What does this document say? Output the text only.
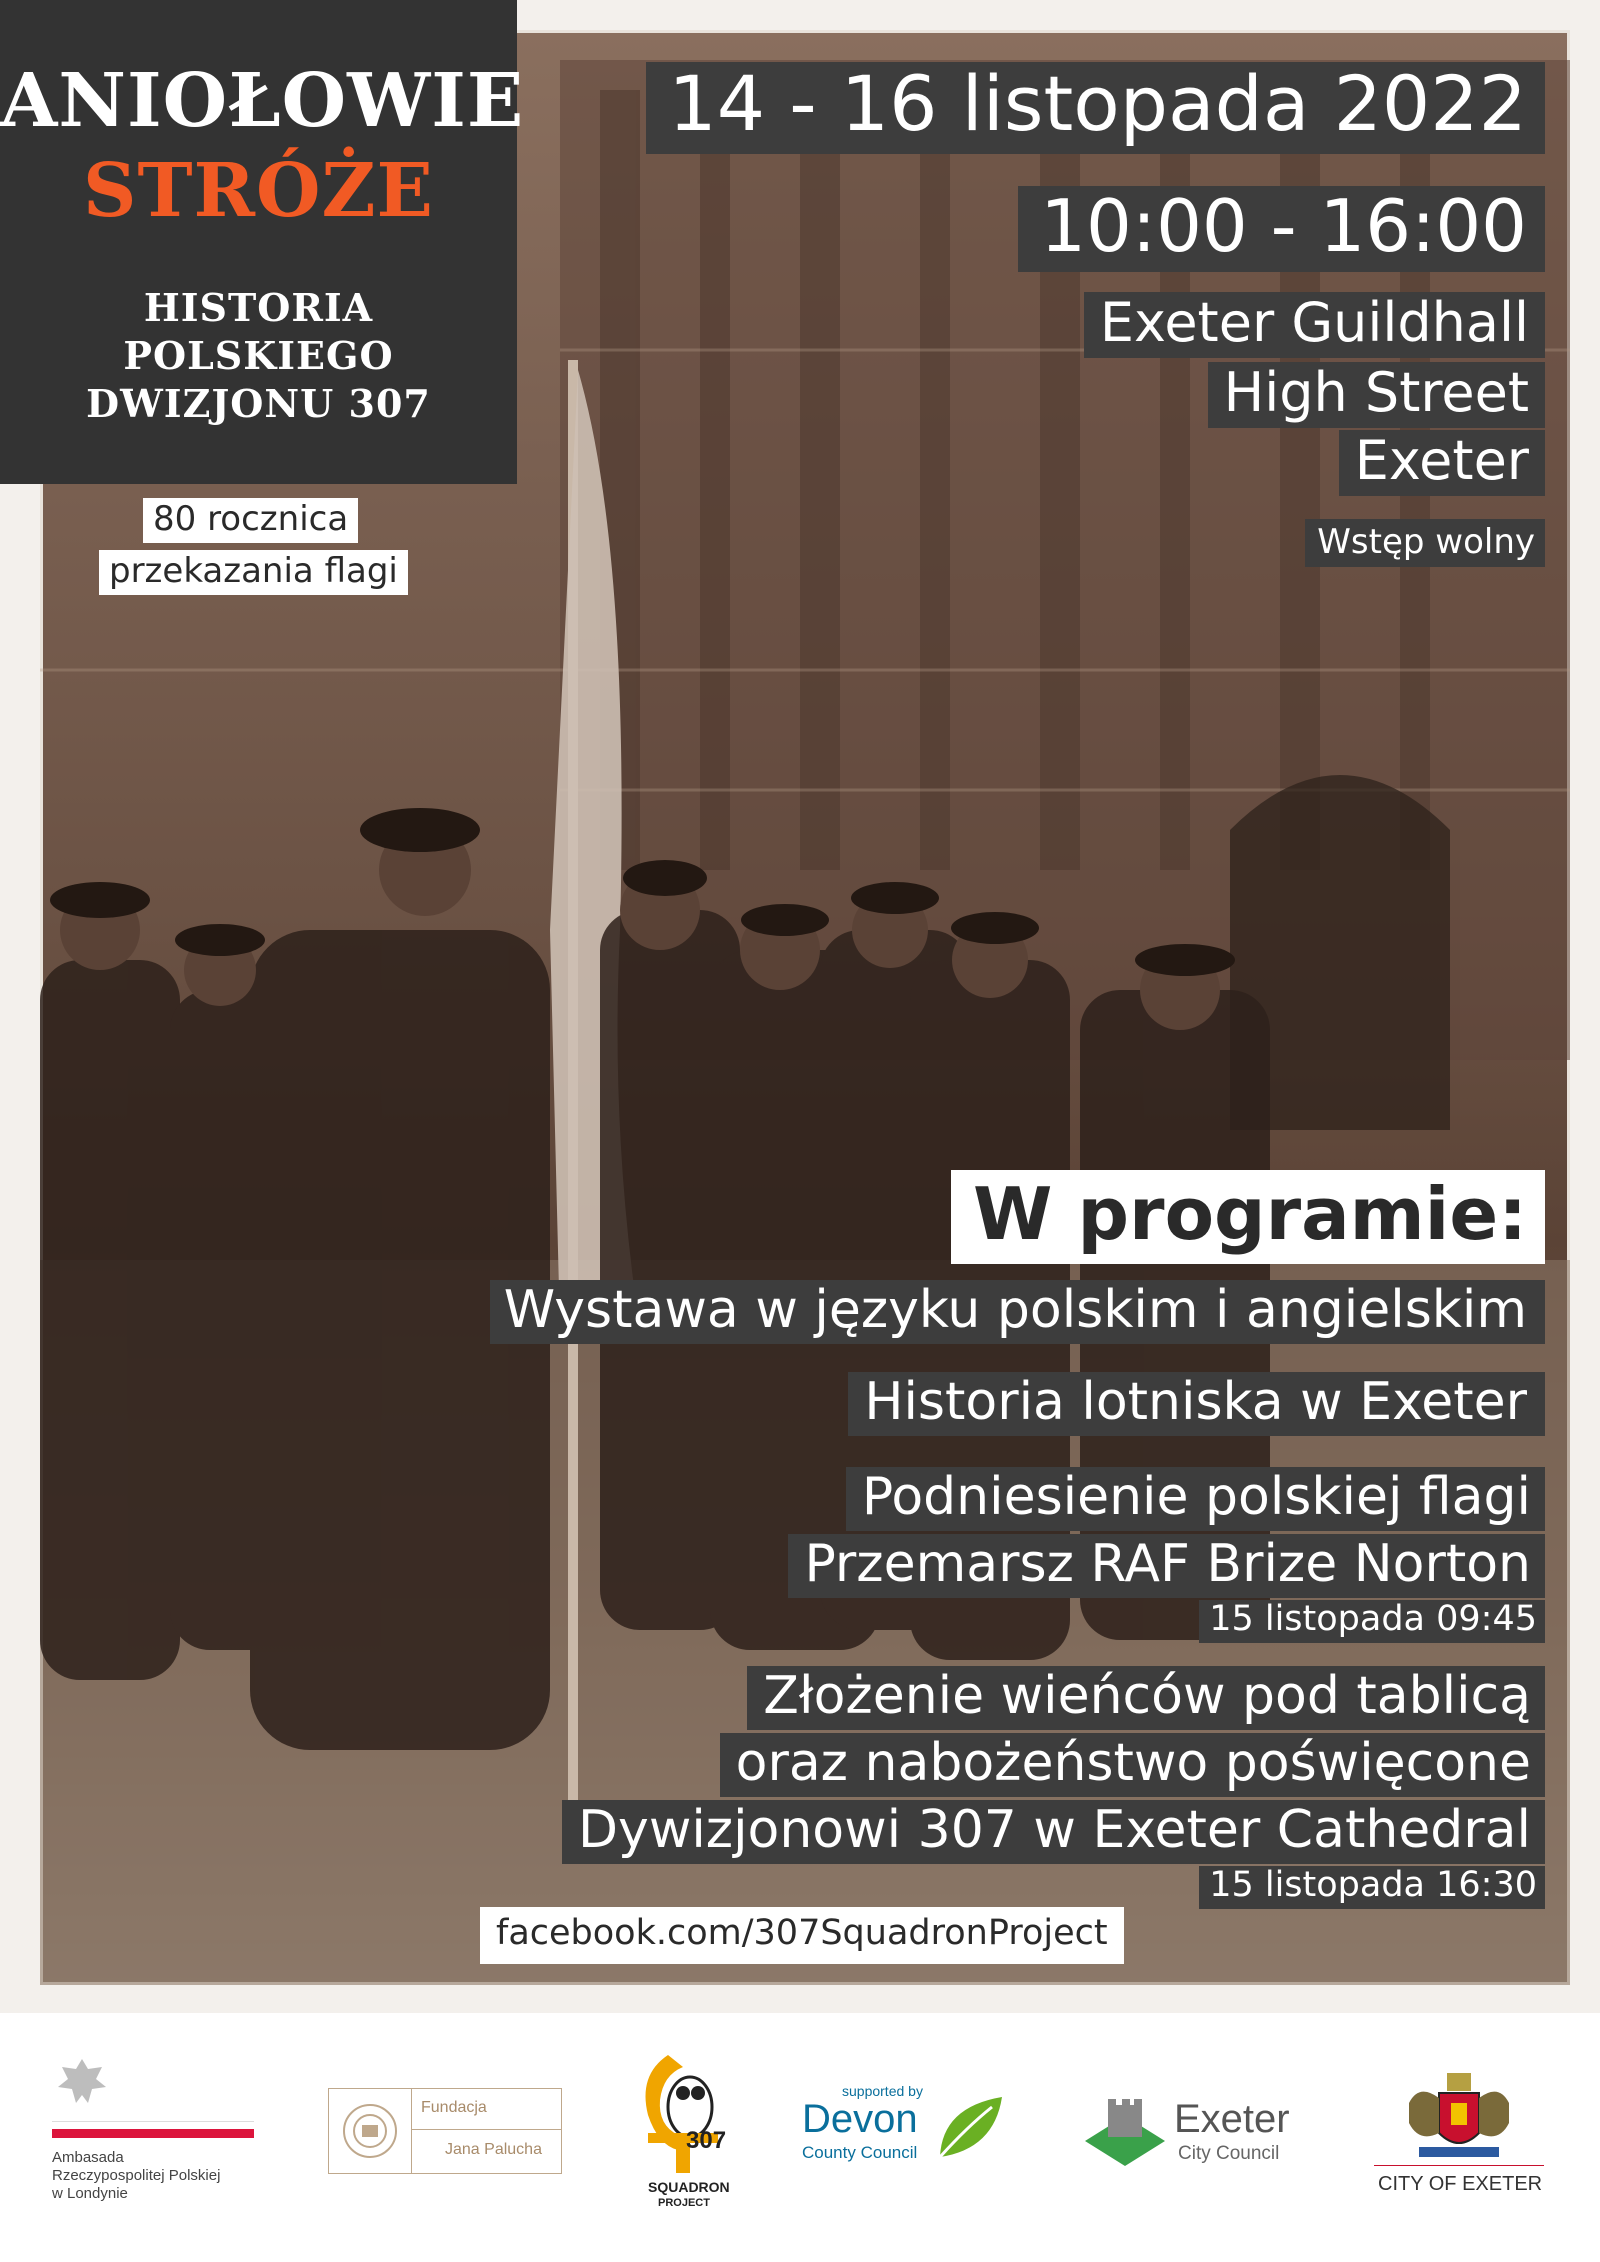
ANIOŁOWIE
STRÓŻE
HISTORIA
POLSKIEGO
DWIZJONU 307
80 rocznica
przekazania flagi
14 - 16 listopada 2022
10:00 - 16:00
Exeter Guildhall
High Street
Exeter
Wstęp wolny
W programie:
Wystawa w języku polskim i angielskim
Historia lotniska w Exeter
Podniesienie polskiej flagi
Przemarsz RAF Brize Norton
15 listopada 09:45
Złożenie wieńców pod tablicą
oraz nabożeństwo poświęcone
Dywizjonowi 307 w Exeter Cathedral
15 listopada 16:30
facebook.com/307SquadronProject
Ambasada
Rzeczypospolitej Polskiej
w Londynie
Fundacja
Jana Palucha	307
SQUADRON
PROJECT
supported by
Devon
County Council
Exeter
City Council
CITY OF EXETER
